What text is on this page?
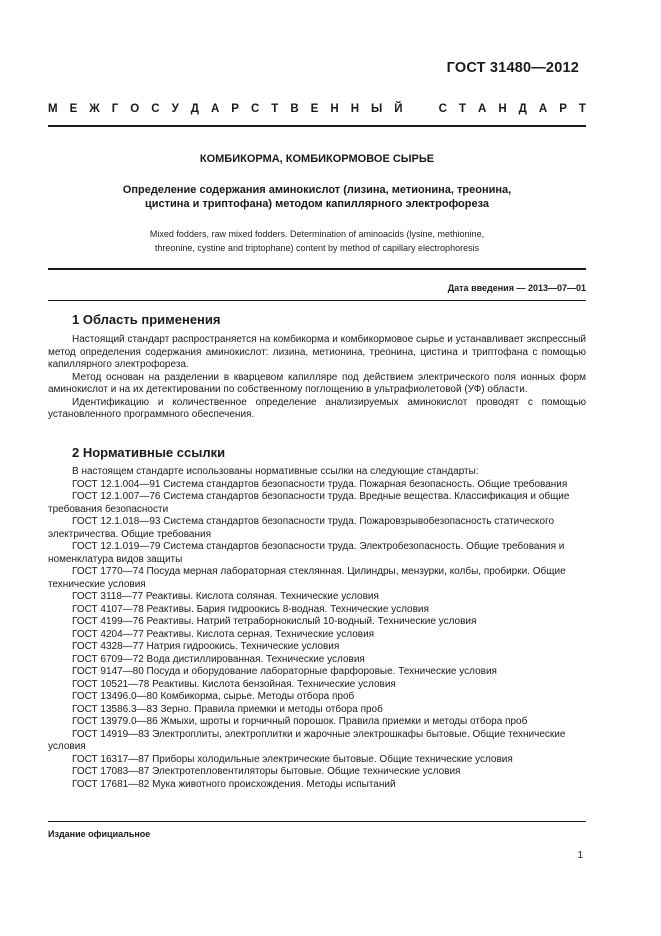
ГОСТ 31480—2012
М Е Ж Г О С У Д А Р С Т В Е Н Н Ы Й	С Т А Н Д А Р Т
КОМБИКОРМА, КОМБИКОРМОВОЕ СЫРЬЕ
Определение содержания аминокислот (лизина, метионина, треонина,
цистина и триптофана) методом капиллярного электрофореза
Mixed fodders, raw mixed fodders. Determination of aminoacids (lysine, methionine,
threonine, cystine and triptophane) content by method of capillary electrophoresis
Дата введения — 2013—07—01
1 Область применения

Настоящий стандарт распространяется на комбикорма и комбикормовое сырье и устанавливает экспрессный метод определения содержания аминокислот: лизина, метионина, треонина, цистина и триптофана с помощью капиллярного электрофореза.

Метод основан на разделении в кварцевом капилляре под действием электрического поля ионных форм аминокислот и на их детектировании по собственному поглощению в ультрафиолетовой (УФ) области.

Идентификацию и количественное определение анализируемых аминокислот проводят с помощью установленного программного обеспечения.

2 Нормативные ссылки

В настоящем стандарте использованы нормативные ссылки на следующие стандарты:

ГОСТ 12.1.004—91 Система стандартов безопасности труда. Пожарная безопасность. Общие требования

ГОСТ 12.1.007—76 Система стандартов безопасности труда. Вредные вещества. Классификация и общие требования безопасности

ГОСТ 12.1.018—93 Система стандартов безопасности труда. Пожаровзрывобезопасность статического электричества. Общие требования

ГОСТ 12.1.019—79 Система стандартов безопасности труда. Электробезопасность. Общие требования и номенклатура видов защиты

ГОСТ 1770—74 Посуда мерная лабораторная стеклянная. Цилиндры, мензурки, колбы, пробирки. Общие технические условия

ГОСТ 3118—77 Реактивы. Кислота соляная. Технические условия

ГОСТ 4107—78 Реактивы. Бария гидроокись 8-водная. Технические условия

ГОСТ 4199—76 Реактивы. Натрий тетраборнокислый 10-водный. Технические условия

ГОСТ 4204—77 Реактивы. Кислота серная. Технические условия

ГОСТ 4328—77 Натрия гидроокись. Технические условия

ГОСТ 6709—72 Вода дистиллированная. Технические условия

ГОСТ 9147—80 Посуда и оборудование лабораторные фарфоровые. Технические условия

ГОСТ 10521—78 Реактивы. Кислота бензойная. Технические условия

ГОСТ 13496.0—80 Комбикорма, сырье. Методы отбора проб

ГОСТ 13586.3—83 Зерно. Правила приемки и методы отбора проб

ГОСТ 13979.0—86 Жмыхи, шроты и горчичный порошок. Правила приемки и методы отбора проб

ГОСТ 14919—83 Электроплиты, электроплитки и жарочные электрошкафы бытовые. Общие технические условия

ГОСТ 16317—87 Приборы холодильные электрические бытовые. Общие технические условия

ГОСТ 17083—87 Электротепловентиляторы бытовые. Общие технические условия

ГОСТ 17681—82 Мука животного происхождения. Методы испытаний

Издание официальное
1
